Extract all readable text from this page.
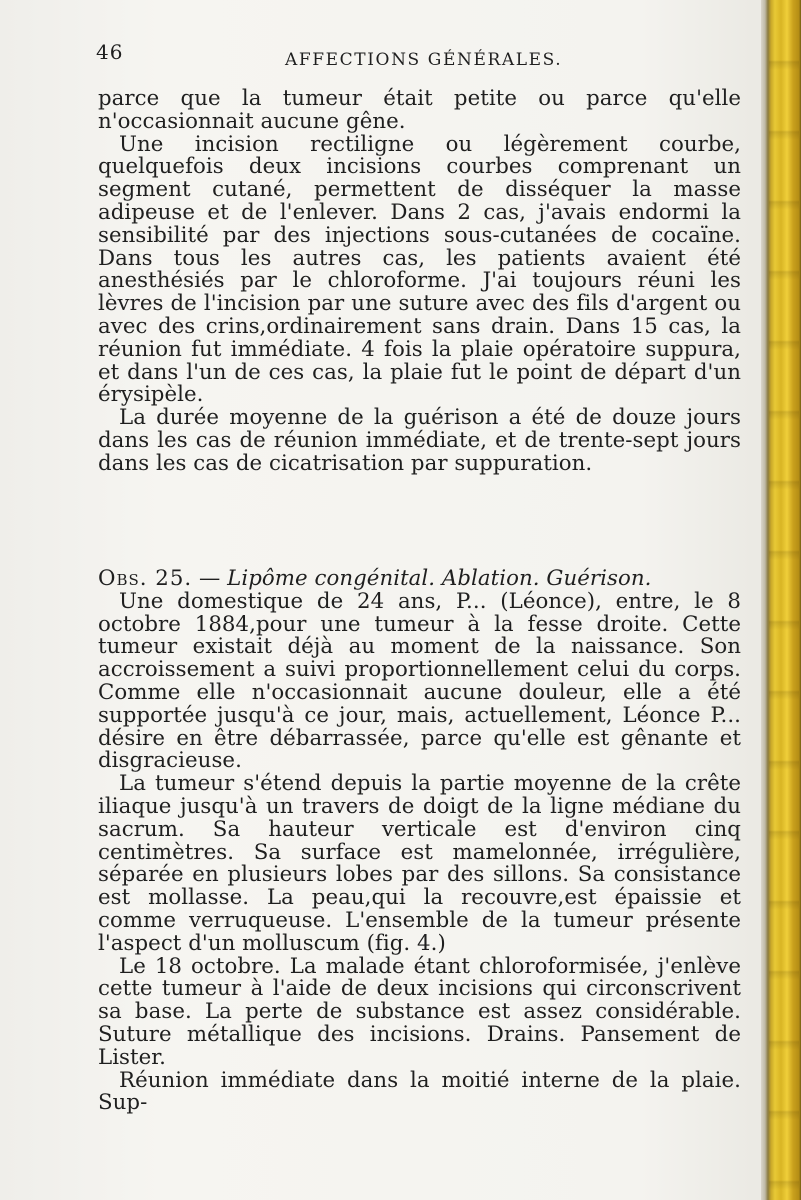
46	AFFECTIONS GÉNÉRALES.

parce que la tumeur était petite ou parce qu'elle n'occasionnait aucune gêne.

Une incision rectiligne ou légèrement courbe, quelquefois deux incisions courbes comprenant un segment cutané, permettent de disséquer la masse adipeuse et de l'enlever. Dans 2 cas, j'avais endormi la sensibilité par des injections sous-cutanées de cocaïne. Dans tous les autres cas, les patients avaient été anesthésiés par le chloroforme. J'ai toujours réuni les lèvres de l'incision par une suture avec des fils d'argent ou avec des crins,ordinairement sans drain. Dans 15 cas, la réunion fut immédiate. 4 fois la plaie opératoire suppura, et dans l'un de ces cas, la plaie fut le point de départ d'un érysipèle.

La durée moyenne de la guérison a été de douze jours dans les cas de réunion immédiate, et de trente-sept jours dans les cas de cicatrisation par suppuration.

Obs. 25. — Lipôme congénital. Ablation. Guérison.

Une domestique de 24 ans, P... (Léonce), entre, le 8 octobre 1884,pour une tumeur à la fesse droite. Cette tumeur existait déjà au moment de la naissance. Son accroissement a suivi proportionnellement celui du corps. Comme elle n'occasionnait aucune douleur, elle a été supportée jusqu'à ce jour, mais, actuellement, Léonce P... désire en être débarrassée, parce qu'elle est gênante et disgracieuse.

La tumeur s'étend depuis la partie moyenne de la crête iliaque jusqu'à un travers de doigt de la ligne médiane du sacrum. Sa hauteur verticale est d'environ cinq centimètres. Sa surface est mamelonnée, irrégulière, séparée en plusieurs lobes par des sillons. Sa consistance est mollasse. La peau,qui la recouvre,est épaissie et comme verruqueuse. L'ensemble de la tumeur présente l'aspect d'un molluscum (fig. 4.)

Le 18 octobre. La malade étant chloroformisée, j'enlève cette tumeur à l'aide de deux incisions qui circonscrivent sa base. La perte de substance est assez considérable. Suture métallique des incisions. Drains. Pansement de Lister.

Réunion immédiate dans la moitié interne de la plaie. Sup-
